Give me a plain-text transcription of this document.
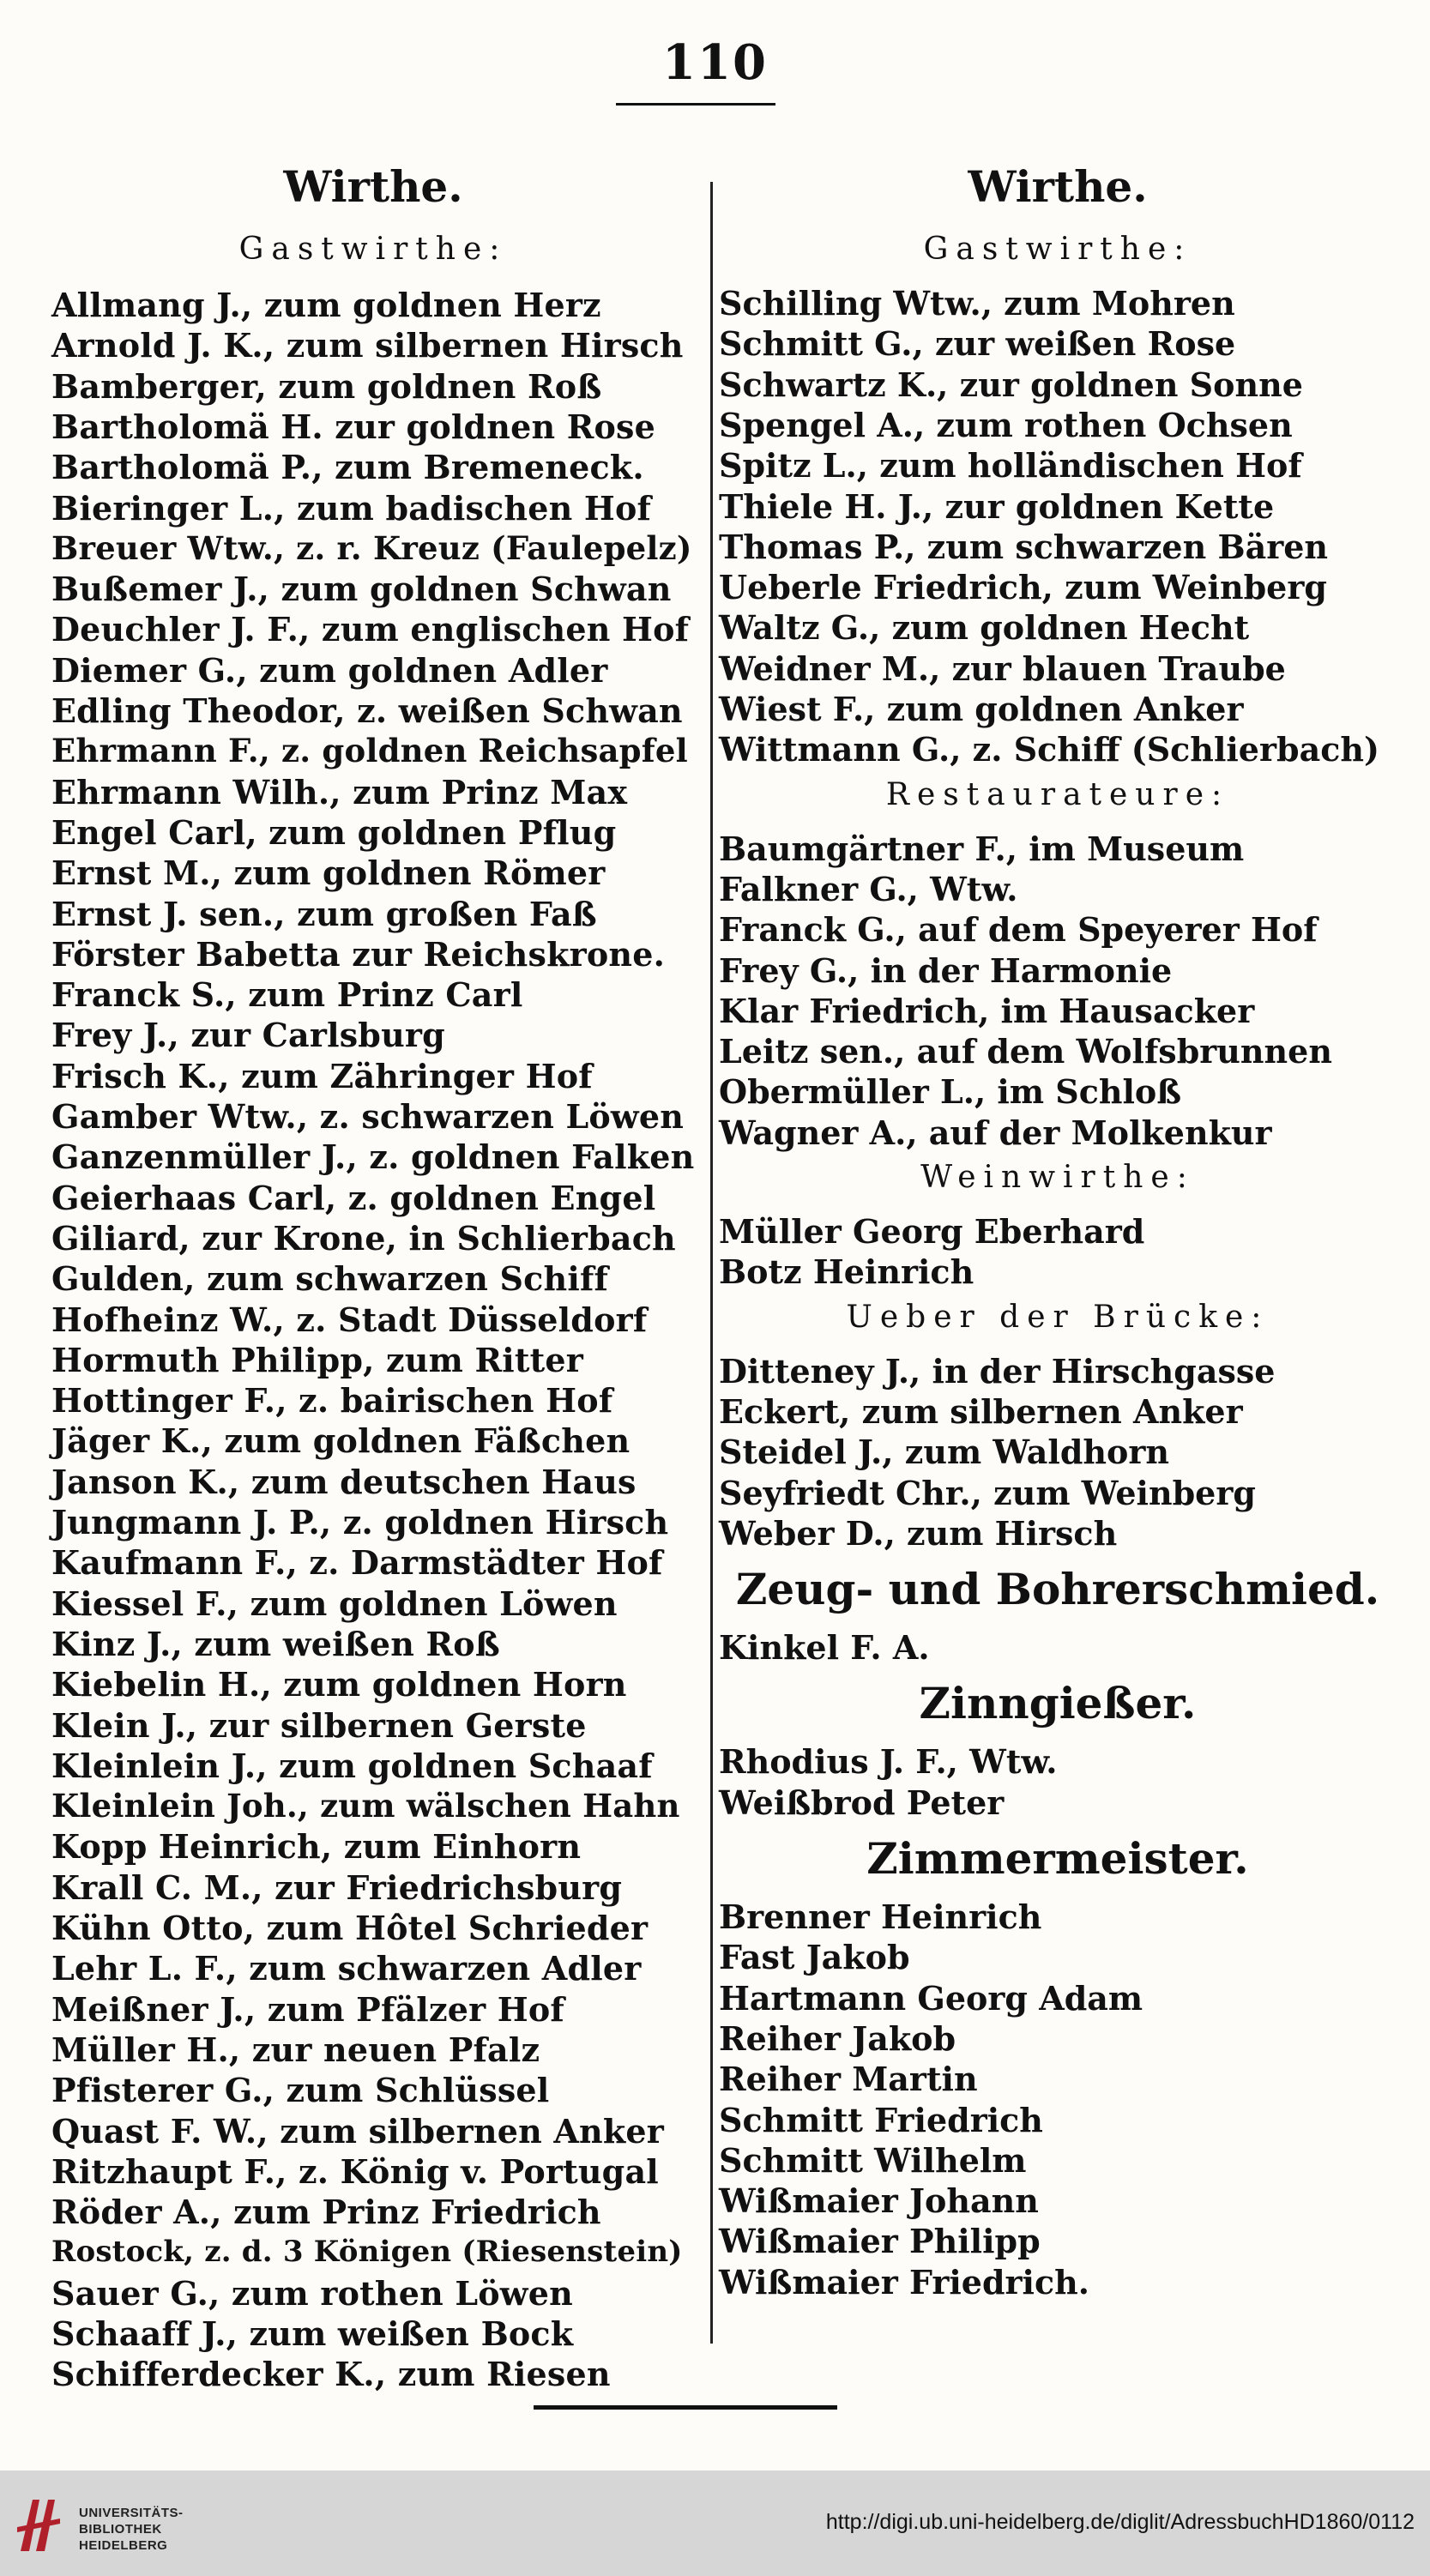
110
Wirthe.
Gastwirthe:
Allmang J., zum goldnen Herz
Arnold J. K., zum silbernen Hirsch
Bamberger, zum goldnen Roß
Bartholomä H. zur goldnen Rose
Bartholomä P., zum Bremeneck.
Bieringer L., zum badischen Hof
Breuer Wtw., z. r. Kreuz (Faulepelz)
Bußemer J., zum goldnen Schwan
Deuchler J. F., zum englischen Hof
Diemer G., zum goldnen Adler
Edling Theodor, z. weißen Schwan
Ehrmann F., z. goldnen Reichsapfel
Ehrmann Wilh., zum Prinz Max
Engel Carl, zum goldnen Pflug
Ernst M., zum goldnen Römer
Ernst J. sen., zum großen Faß
Förster Babetta zur Reichskrone.
Franck S., zum Prinz Carl
Frey J., zur Carlsburg
Frisch K., zum Zähringer Hof
Gamber Wtw., z. schwarzen Löwen
Ganzenmüller J., z. goldnen Falken
Geierhaas Carl, z. goldnen Engel
Giliard, zur Krone, in Schlierbach
Gulden, zum schwarzen Schiff
Hofheinz W., z. Stadt Düsseldorf
Hormuth Philipp, zum Ritter
Hottinger F., z. bairischen Hof
Jäger K., zum goldnen Fäßchen
Janson K., zum deutschen Haus
Jungmann J. P., z. goldnen Hirsch
Kaufmann F., z. Darmstädter Hof
Kiessel F., zum goldnen Löwen
Kinz J., zum weißen Roß
Kiebelin H., zum goldnen Horn
Klein J., zur silbernen Gerste
Kleinlein J., zum goldnen Schaaf
Kleinlein Joh., zum wälschen Hahn
Kopp Heinrich, zum Einhorn
Krall C. M., zur Friedrichsburg
Kühn Otto, zum Hôtel Schrieder
Lehr L. F., zum schwarzen Adler
Meißner J., zum Pfälzer Hof
Müller H., zur neuen Pfalz
Pfisterer G., zum Schlüssel
Quast F. W., zum silbernen Anker
Ritzhaupt F., z. König v. Portugal
Röder A., zum Prinz Friedrich
Rostock, z. d. 3 Königen (Riesenstein)
Sauer G., zum rothen Löwen
Schaaff J., zum weißen Bock
Schifferdecker K., zum Riesen
Wirthe.
Gastwirthe:
Schilling Wtw., zum Mohren
Schmitt G., zur weißen Rose
Schwartz K., zur goldnen Sonne
Spengel A., zum rothen Ochsen
Spitz L., zum holländischen Hof
Thiele H. J., zur goldnen Kette
Thomas P., zum schwarzen Bären
Ueberle Friedrich, zum Weinberg
Waltz G., zum goldnen Hecht
Weidner M., zur blauen Traube
Wiest F., zum goldnen Anker
Wittmann G., z. Schiff (Schlierbach)
Restaurateure:
Baumgärtner F., im Museum
Falkner G., Wtw.
Franck G., auf dem Speyerer Hof
Frey G., in der Harmonie
Klar Friedrich, im Hausacker
Leitz sen., auf dem Wolfsbrunnen
Obermüller L., im Schloß
Wagner A., auf der Molkenkur
Weinwirthe:
Müller Georg Eberhard
Botz Heinrich
Ueber der Brücke:
Ditteney J., in der Hirschgasse
Eckert, zum silbernen Anker
Steidel J., zum Waldhorn
Seyfriedt Chr., zum Weinberg
Weber D., zum Hirsch
Zeug- und Bohrerschmied.
Kinkel F. A.
Zinngießer.
Rhodius J. F., Wtw.
Weißbrod Peter
Zimmermeister.
Brenner Heinrich
Fast Jakob
Hartmann Georg Adam
Reiher Jakob
Reiher Martin
Schmitt Friedrich
Schmitt Wilhelm
Wißmaier Johann
Wißmaier Philipp
Wißmaier Friedrich.
UNIVERSITÄTS-
BIBLIOTHEK
HEIDELBERG
http://digi.ub.uni-heidelberg.de/diglit/AdressbuchHD1860/0112
